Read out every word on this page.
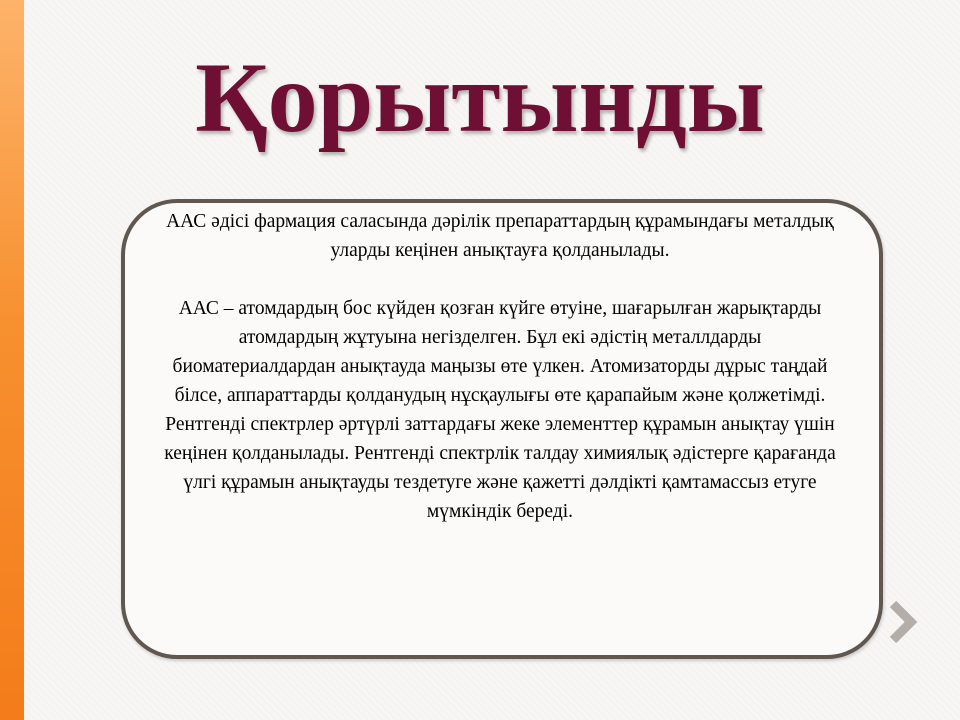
Қорытынды

ААС әдісі фармация саласында дәрілік препараттардың құрамындағы металдық уларды кеңінен анықтауға қолданылады.

ААС – атомдардың бос күйден қозған күйге өтуіне, шағарылған жарықтарды атомдардың жұтуына негізделген. Бұл екі әдістің металлдарды биоматериалдардан анықтауда маңызы өте үлкен. Атомизаторды дұрыс таңдай білсе, аппараттарды қолданудың нұсқаулығы өте қарапайым және қолжетімді.

Рентгенді спектрлер әртүрлі заттардағы жеке элементтер құрамын анықтау үшін кеңінен қолданылады. Рентгенді спектрлік талдау химиялық әдістерге қарағанда үлгі құрамын анықтауды тездетуге және қажетті дәлдікті қамтамассыз етуге мүмкіндік береді.
